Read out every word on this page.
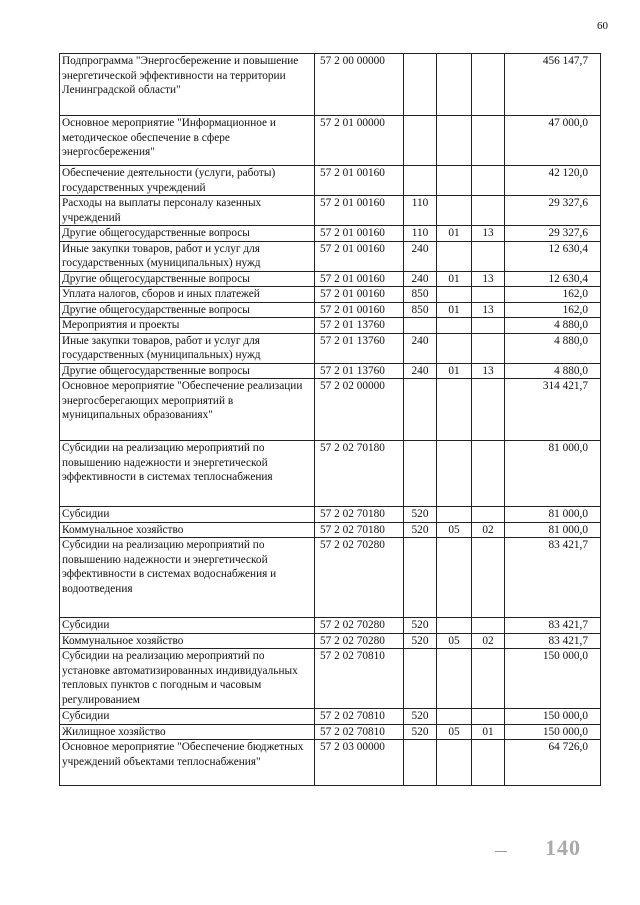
60
Подпрограмма "Энергосбережение и повышение энергетической эффективности на территории Ленинградской области"	57 2 00 00000				456 147,7
Основное мероприятие "Информационное и методическое обеспечение в сфере энергосбережения"	57 2 01 00000				47 000,0
Обеспечение деятельности (услуги, работы) государственных учреждений	57 2 01 00160				42 120,0
Расходы на выплаты персоналу казенных учреждений	57 2 01 00160	110			29 327,6
Другие общегосударственные вопросы	57 2 01 00160	110	01	13	29 327,6
Иные закупки товаров, работ и услуг для государственных (муниципальных) нужд	57 2 01 00160	240			12 630,4
Другие общегосударственные вопросы	57 2 01 00160	240	01	13	12 630,4
Уплата налогов, сборов и иных платежей	57 2 01 00160	850			162,0
Другие общегосударственные вопросы	57 2 01 00160	850	01	13	162,0
Мероприятия и проекты	57 2 01 13760				4 880,0
Иные закупки товаров, работ и услуг для государственных (муниципальных) нужд	57 2 01 13760	240			4 880,0
Другие общегосударственные вопросы	57 2 01 13760	240	01	13	4 880,0
Основное мероприятие "Обеспечение реализации энергосберегающих мероприятий в муниципальных образованиях"	57 2 02 00000				314 421,7
Субсидии на реализацию мероприятий по повышению надежности и энергетической эффективности в системах теплоснабжения	57 2 02 70180				81 000,0
Субсидии	57 2 02 70180	520			81 000,0
Коммунальное хозяйство	57 2 02 70180	520	05	02	81 000,0
Субсидии на реализацию мероприятий по повышению надежности и энергетической эффективности в системах водоснабжения и водоотведения	57 2 02 70280				83 421,7
Субсидии	57 2 02 70280	520			83 421,7
Коммунальное хозяйство	57 2 02 70280	520	05	02	83 421,7
Субсидии на реализацию мероприятий по установке автоматизированных индивидуальных тепловых пунктов с погодным и часовым регулированием	57 2 02 70810				150 000,0
Субсидии	57 2 02 70810	520			150 000,0
Жилищное хозяйство	57 2 02 70810	520	05	01	150 000,0
Основное мероприятие "Обеспечение бюджетных учреждений объектами теплоснабжения"	57 2 03 00000				64 726,0
140
